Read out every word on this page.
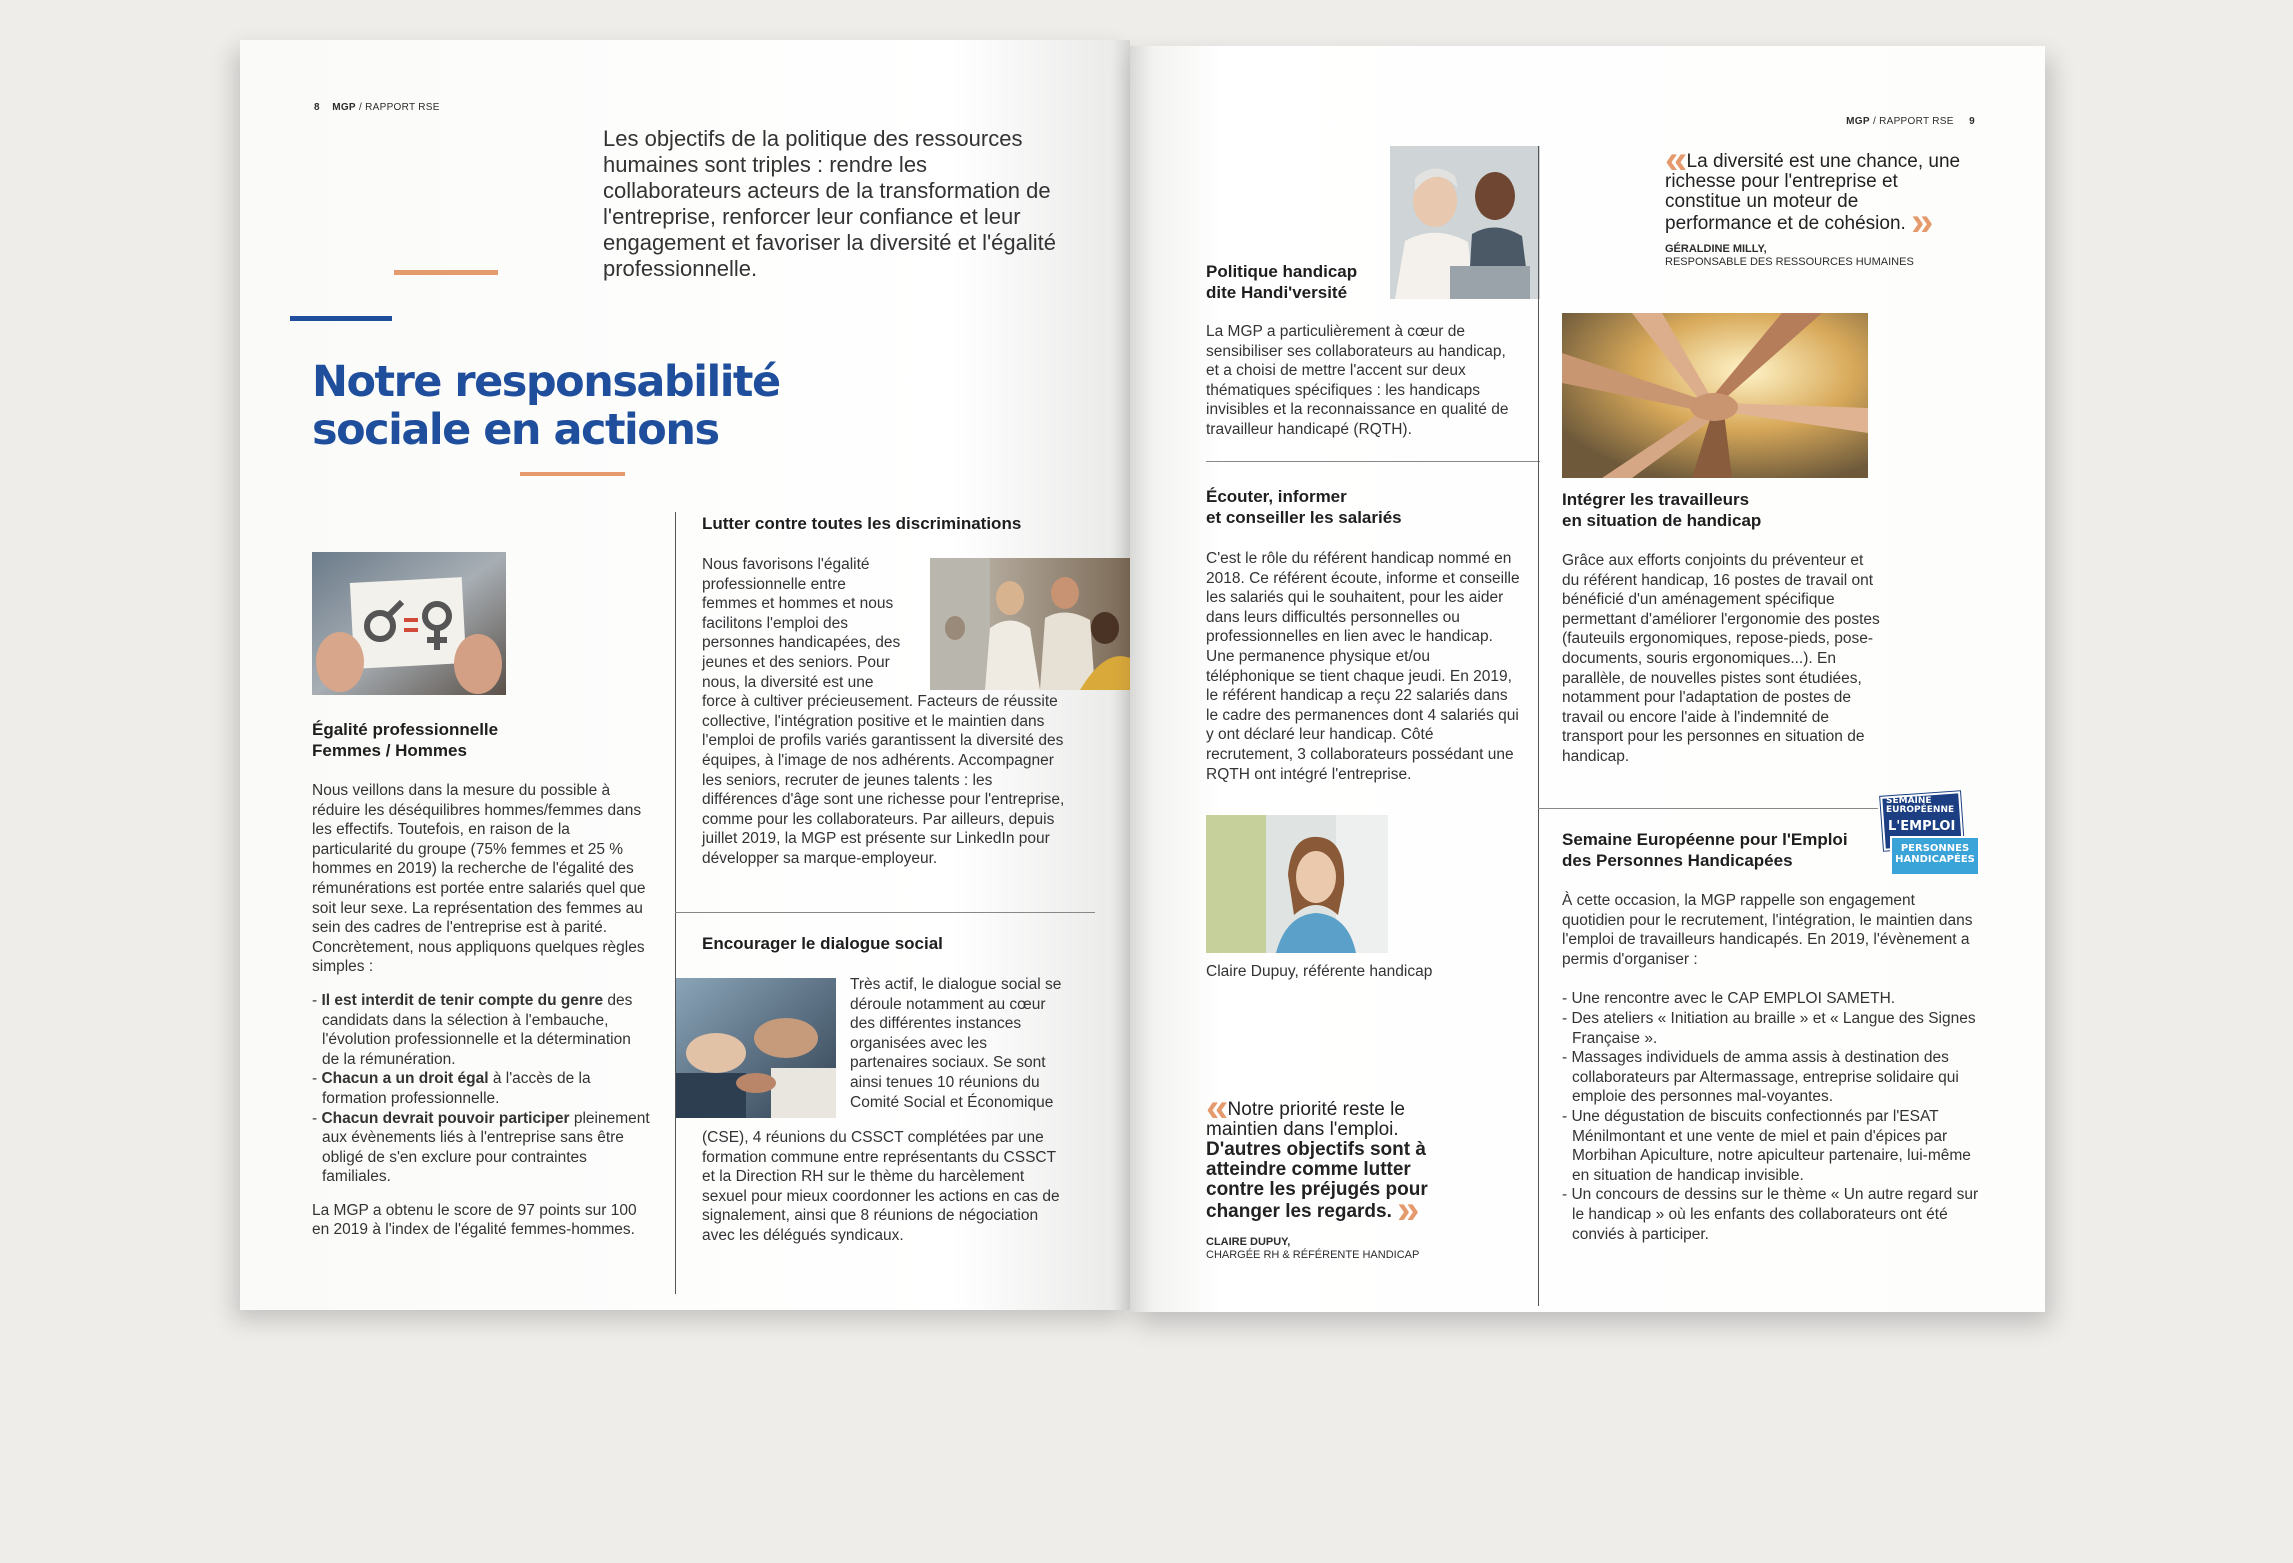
8 MGP / RAPPORT RSE
Les objectifs de la politique des ressources humaines sont triples : rendre les collaborateurs acteurs de la transformation de l'entreprise, renforcer leur confiance et leur engagement et favoriser la diversité et l'égalité professionnelle.
Notre responsabilité
sociale en actions
Égalité professionnelle
Femmes / Hommes

Nous veillons dans la mesure du possible à réduire les déséquilibres hommes/femmes dans les effectifs. Toutefois, en raison de la particularité du groupe (75% femmes et 25 % hommes en 2019) la recherche de l'égalité des rémunérations est portée entre salariés quel que soit leur sexe. La représentation des femmes au sein des cadres de l'entreprise est à parité. Concrètement, nous appliquons quelques règles simples :

- Il est interdit de tenir compte du genre des candidats dans la sélection à l'embauche, l'évolution professionnelle et la détermination de la rémunération.
- Chacun a un droit égal à l'accès de la formation professionnelle.
- Chacun devrait pouvoir participer pleinement aux évènements liés à l'entreprise sans être obligé de s'en exclure pour contraintes familiales.

La MGP a obtenu le score de 97 points sur 100 en 2019 à l'index de l'égalité femmes-hommes.

Lutter contre toutes les discriminations

Nous favorisons l'égalité professionnelle entre femmes et hommes et nous facilitons l'emploi des personnes handicapées, des jeunes et des seniors. Pour nous, la diversité est une force à cultiver précieusement. Facteurs de réussite collective, l'intégration positive et le maintien dans l'emploi de profils variés garantissent la diversité des équipes, à l'image de nos adhérents. Accompagner les seniors, recruter de jeunes talents : les différences d'âge sont une richesse pour l'entreprise, comme pour les collaborateurs. Par ailleurs, depuis juillet 2019, la MGP est présente sur LinkedIn pour développer sa marque-employeur.

Encourager le dialogue social
Très actif, le dialogue social se déroule notamment au cœur des différentes instances organisées avec les partenaires sociaux. Se sont ainsi tenues 10 réunions du Comité Social et Économique
(CSE), 4 réunions du CSSCT complétées par une formation commune entre représentants du CSSCT et la Direction RH sur le thème du harcèlement sexuel pour mieux coordonner les actions en cas de signalement, ainsi que 8 réunions de négociation avec les délégués syndicaux.
MGP / RAPPORT RSE 9
Politique handicap
dite Handi'versité
La MGP a particulièrement à cœur de sensibiliser ses collaborateurs au handicap, et a choisi de mettre l'accent sur deux thématiques spécifiques : les handicaps invisibles et la reconnaissance en qualité de travailleur handicapé (RQTH).
Écouter, informer
et conseiller les salariés
C'est le rôle du référent handicap nommé en 2018. Ce référent écoute, informe et conseille les salariés qui le souhaitent, pour les aider dans leurs difficultés personnelles ou professionnelles en lien avec le handicap. Une permanence physique et/ou téléphonique se tient chaque jeudi. En 2019, le référent handicap a reçu 22 salariés dans le cadre des permanences dont 4 salariés qui y ont déclaré leur handicap. Côté recrutement, 3 collaborateurs possédant une RQTH ont intégré l'entreprise.
Claire Dupuy, référente handicap
« Notre priorité reste le maintien dans l'emploi. D'autres objectifs sont à atteindre comme lutter contre les préjugés pour changer les regards. »
CLAIRE DUPUY,
CHARGÉE RH & RÉFÉRENTE HANDICAP
« La diversité est une chance, une richesse pour l'entreprise et constitue un moteur de performance et de cohésion. »
GÉRALDINE MILLY,
RESPONSABLE DES RESSOURCES HUMAINES
Intégrer les travailleurs
en situation de handicap
Grâce aux efforts conjoints du préventeur et du référent handicap, 16 postes de travail ont bénéficié d'un aménagement spécifique permettant d'améliorer l'ergonomie des postes (fauteuils ergonomiques, repose-pieds, pose-documents, souris ergonomiques...). En parallèle, de nouvelles pistes sont étudiées, notamment pour l'adaptation de postes de travail ou encore l'aide à l'indemnité de transport pour les personnes en situation de handicap.
SEMAINE
EUROPÉENNE
L'EMPLOI
PERSONNES
HANDICAPÉES
Semaine Européenne pour l'Emploi
des Personnes Handicapées

À cette occasion, la MGP rappelle son engagement quotidien pour le recrutement, l'intégration, le maintien dans l'emploi de travailleurs handicapés. En 2019, l'évènement a permis d'organiser :

- Une rencontre avec le CAP EMPLOI SAMETH.
- Des ateliers « Initiation au braille » et « Langue des Signes Française ».
- Massages individuels de amma assis à destination des collaborateurs par Altermassage, entreprise solidaire qui emploie des personnes mal-voyantes.
- Une dégustation de biscuits confectionnés par l'ESAT Ménilmontant et une vente de miel et pain d'épices par Morbihan Apiculture, notre apiculteur partenaire, lui-même en situation de handicap invisible.
- Un concours de dessins sur le thème « Un autre regard sur le handicap » où les enfants des collaborateurs ont été conviés à participer.
